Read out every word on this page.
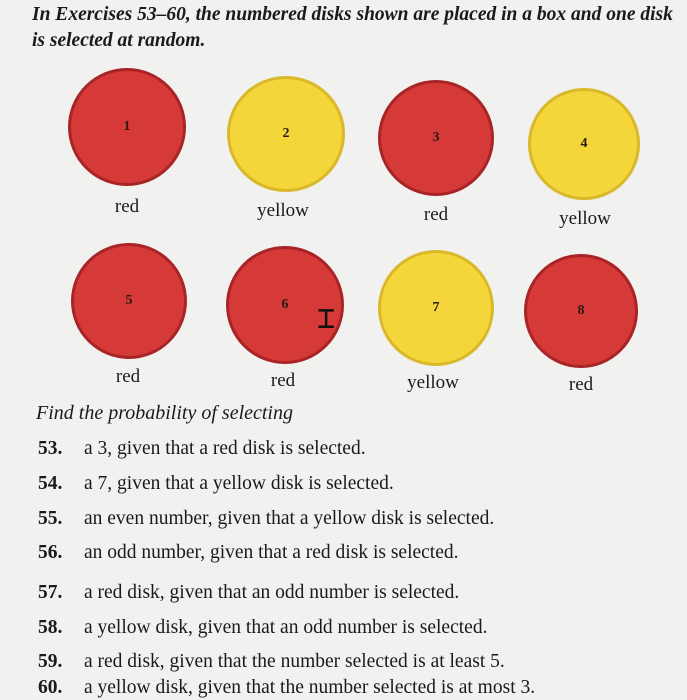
In Exercises 53–60, the numbered disks shown are placed in a box and one disk is selected at random.
1	2	3	4
red	yellow	red	yellow
5	6	7	8
red	red	yellow	red
⌶
Find the probability of selecting
53. a 3, given that a red disk is selected.
54. a 7, given that a yellow disk is selected.
55. an even number, given that a yellow disk is selected.
56. an odd number, given that a red disk is selected.
57. a red disk, given that an odd number is selected.
58. a yellow disk, given that an odd number is selected.
59. a red disk, given that the number selected is at least 5.
60. a yellow disk, given that the number selected is at most 3.
